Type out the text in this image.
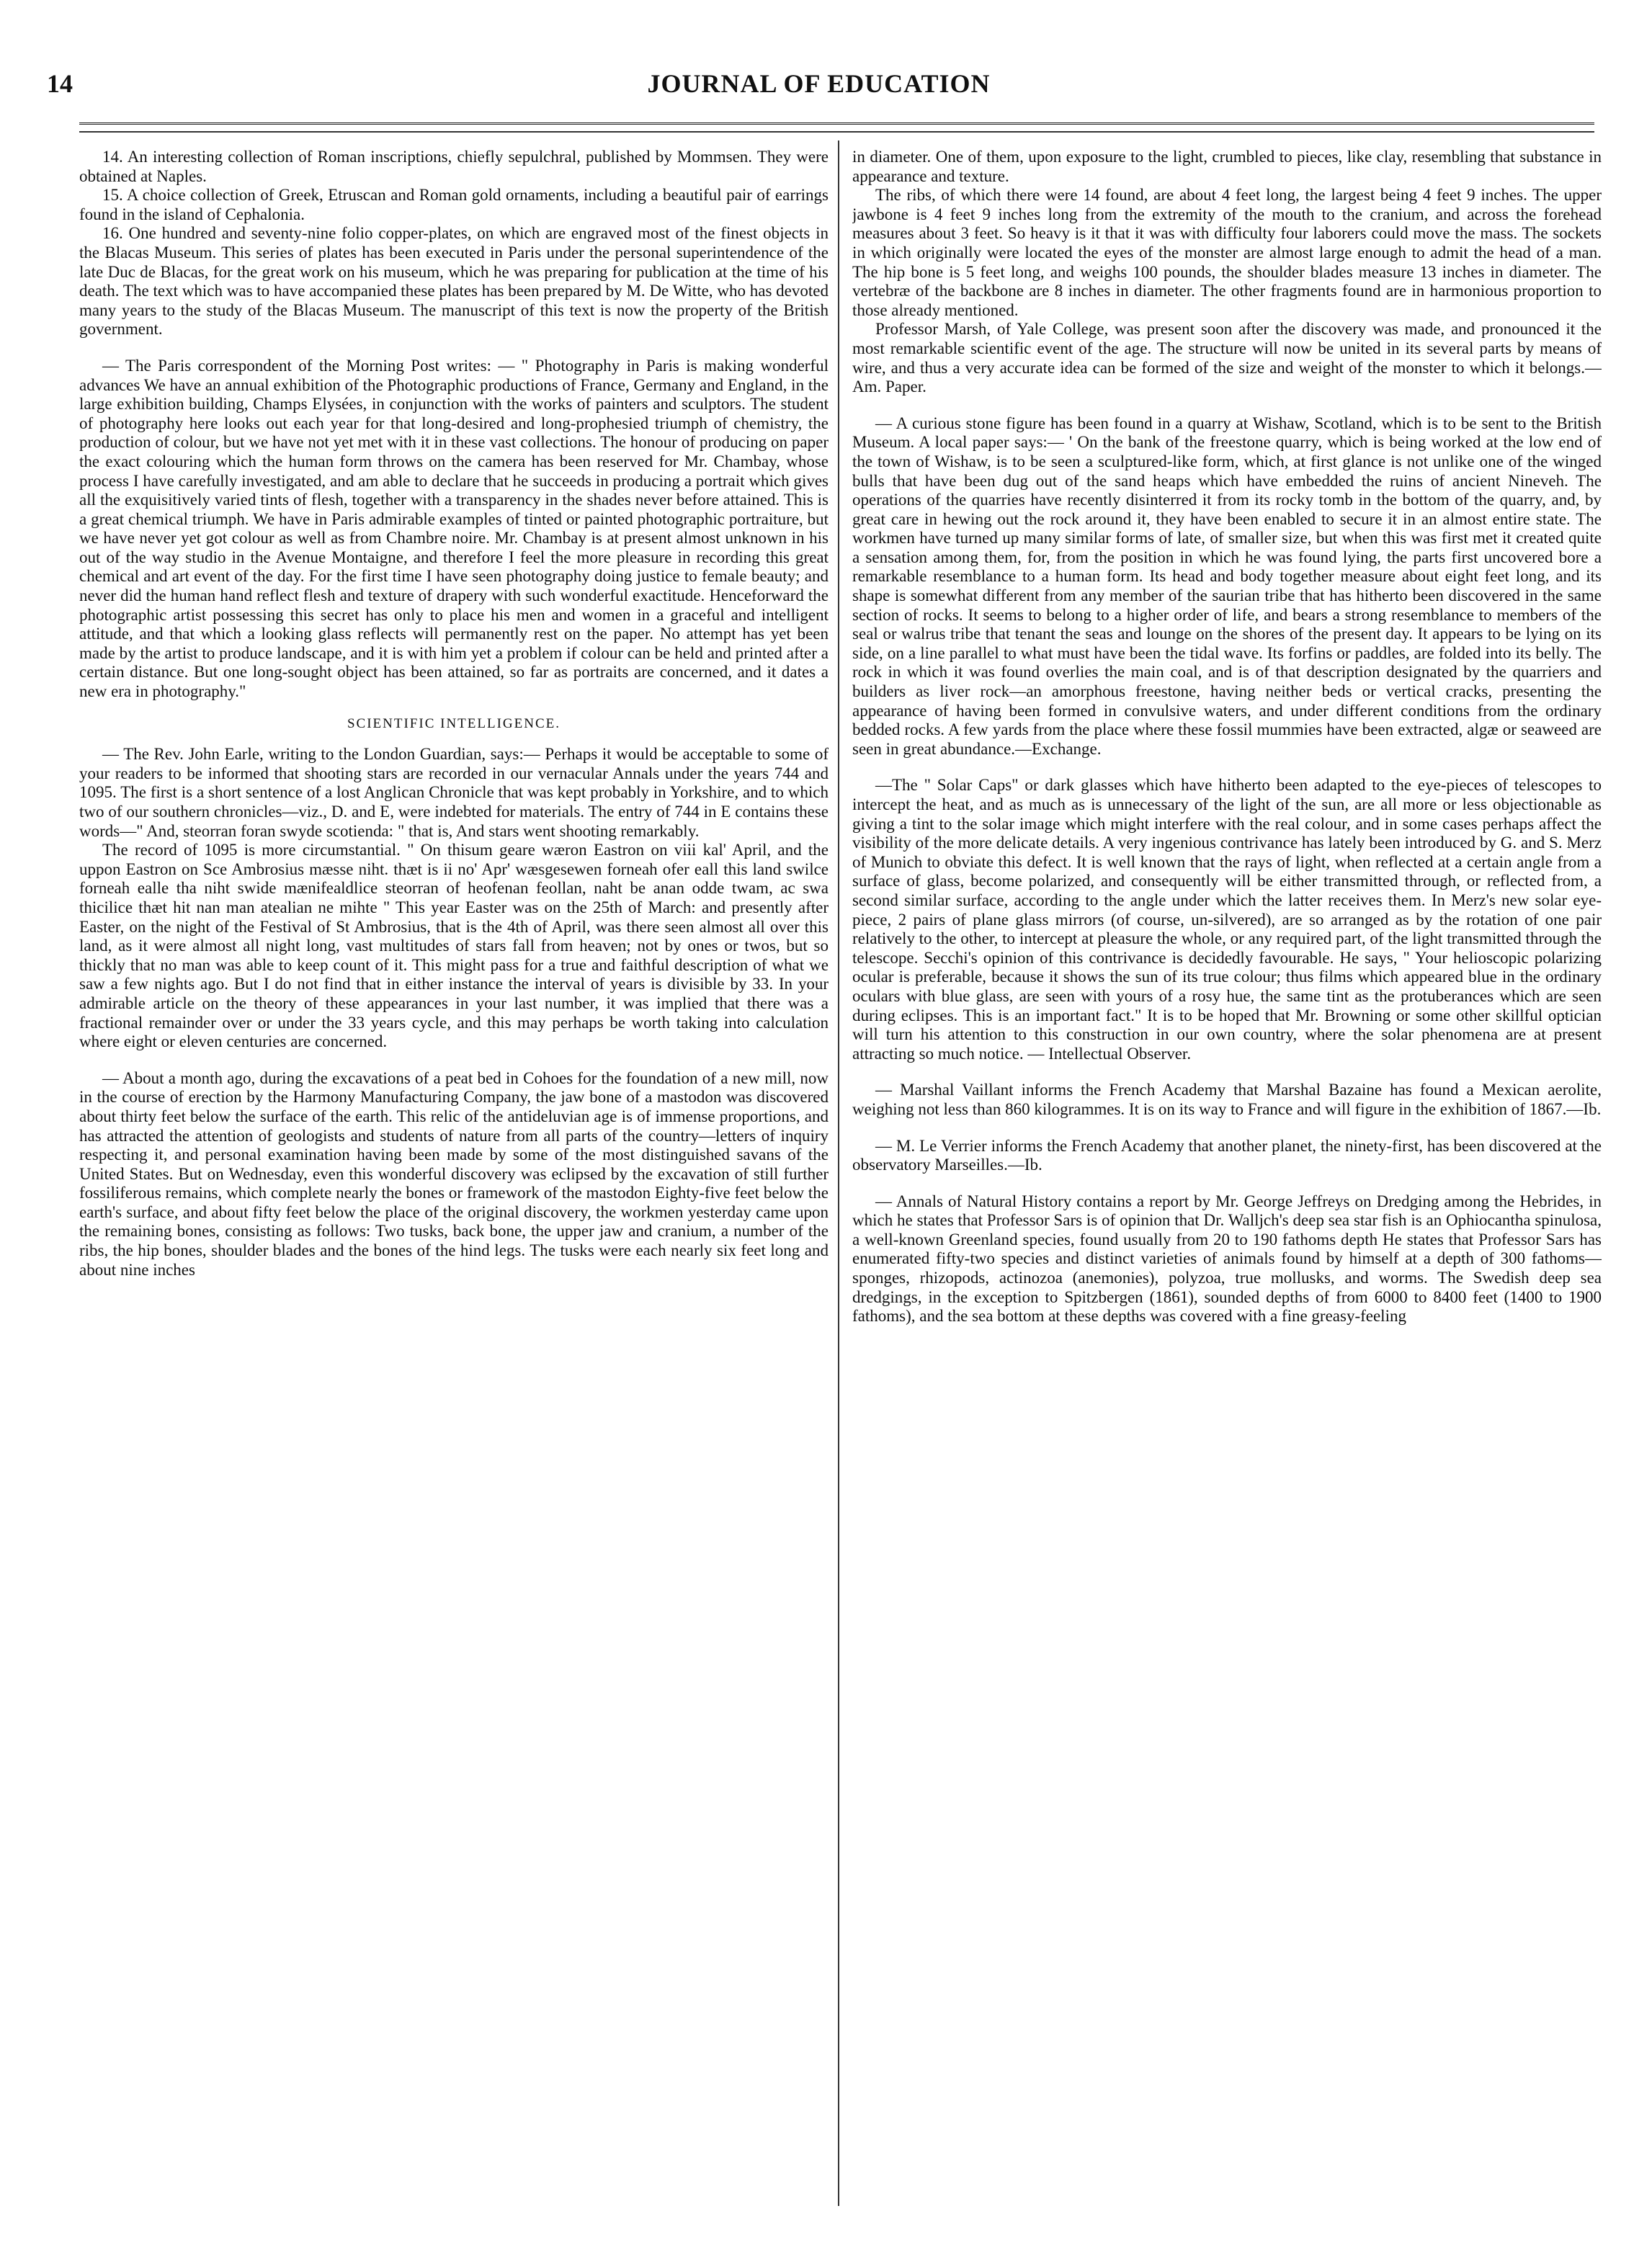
14	JOURNAL OF EDUCATION

14. An interesting collection of Roman inscriptions, chiefly sepulchral, published by Mommsen. They were obtained at Naples.

15. A choice collection of Greek, Etruscan and Roman gold ornaments, including a beautiful pair of earrings found in the island of Cephalonia.

16. One hundred and seventy-nine folio copper-plates, on which are engraved most of the finest objects in the Blacas Museum. This series of plates has been executed in Paris under the personal superintendence of the late Duc de Blacas, for the great work on his museum, which he was preparing for publication at the time of his death. The text which was to have accompanied these plates has been prepared by M. De Witte, who has devoted many years to the study of the Blacas Museum. The manuscript of this text is now the property of the British government.

— The Paris correspondent of the Morning Post writes: — " Photography in Paris is making wonderful advances We have an annual exhibition of the Photographic productions of France, Germany and England, in the large exhibition building, Champs Elysées, in conjunction with the works of painters and sculptors. The student of photography here looks out each year for that long-desired and long-prophesied triumph of chemistry, the production of colour, but we have not yet met with it in these vast collections. The honour of producing on paper the exact colouring which the human form throws on the camera has been reserved for Mr. Chambay, whose process I have carefully investigated, and am able to declare that he succeeds in producing a portrait which gives all the exquisitively varied tints of flesh, together with a transparency in the shades never before attained. This is a great chemical triumph. We have in Paris admirable examples of tinted or painted photographic portraiture, but we have never yet got colour as well as from Chambre noire. Mr. Chambay is at present almost unknown in his out of the way studio in the Avenue Montaigne, and therefore I feel the more pleasure in recording this great chemical and art event of the day. For the first time I have seen photography doing justice to female beauty; and never did the human hand reflect flesh and texture of drapery with such wonderful exactitude. Henceforward the photographic artist possessing this secret has only to place his men and women in a graceful and intelligent attitude, and that which a looking glass reflects will permanently rest on the paper. No attempt has yet been made by the artist to produce landscape, and it is with him yet a problem if colour can be held and printed after a certain distance. But one long-sought object has been attained, so far as portraits are concerned, and it dates a new era in photography."

SCIENTIFIC INTELLIGENCE.

— The Rev. John Earle, writing to the London Guardian, says:— Perhaps it would be acceptable to some of your readers to be informed that shooting stars are recorded in our vernacular Annals under the years 744 and 1095. The first is a short sentence of a lost Anglican Chronicle that was kept probably in Yorkshire, and to which two of our southern chronicles—viz., D. and E, were indebted for materials. The entry of 744 in E contains these words—" And, steorran foran swyde scotienda: " that is, And stars went shooting remarkably.

The record of 1095 is more circumstantial. " On thisum geare wæron Eastron on viii kal' April, and the uppon Eastron on Sce Ambrosius mæsse niht. thæt is ii no' Apr' wæsgesewen forneah ofer eall this land swilce forneah ealle tha niht swide mænifealdlice steorran of heofenan feollan, naht be anan odde twam, ac swa thicilice thæt hit nan man atealian ne mihte " This year Easter was on the 25th of March: and presently after Easter, on the night of the Festival of St Ambrosius, that is the 4th of April, was there seen almost all over this land, as it were almost all night long, vast multitudes of stars fall from heaven; not by ones or twos, but so thickly that no man was able to keep count of it. This might pass for a true and faithful description of what we saw a few nights ago. But I do not find that in either instance the interval of years is divisible by 33. In your admirable article on the theory of these appearances in your last number, it was implied that there was a fractional remainder over or under the 33 years cycle, and this may perhaps be worth taking into calculation where eight or eleven centuries are concerned.

— About a month ago, during the excavations of a peat bed in Cohoes for the foundation of a new mill, now in the course of erection by the Harmony Manufacturing Company, the jaw bone of a mastodon was discovered about thirty feet below the surface of the earth. This relic of the antideluvian age is of immense proportions, and has attracted the attention of geologists and students of nature from all parts of the country—letters of inquiry respecting it, and personal examination having been made by some of the most distinguished savans of the United States. But on Wednesday, even this wonderful discovery was eclipsed by the excavation of still further fossiliferous remains, which complete nearly the bones or framework of the mastodon Eighty-five feet below the earth's surface, and about fifty feet below the place of the original discovery, the workmen yesterday came upon the remaining bones, consisting as follows: Two tusks, back bone, the upper jaw and cranium, a number of the ribs, the hip bones, shoulder blades and the bones of the hind legs. The tusks were each nearly six feet long and about nine inches

in diameter. One of them, upon exposure to the light, crumbled to pieces, like clay, resembling that substance in appearance and texture.

The ribs, of which there were 14 found, are about 4 feet long, the largest being 4 feet 9 inches. The upper jawbone is 4 feet 9 inches long from the extremity of the mouth to the cranium, and across the forehead measures about 3 feet. So heavy is it that it was with difficulty four laborers could move the mass. The sockets in which originally were located the eyes of the monster are almost large enough to admit the head of a man. The hip bone is 5 feet long, and weighs 100 pounds, the shoulder blades measure 13 inches in diameter. The vertebræ of the backbone are 8 inches in diameter. The other fragments found are in harmonious proportion to those already mentioned.

Professor Marsh, of Yale College, was present soon after the discovery was made, and pronounced it the most remarkable scientific event of the age. The structure will now be united in its several parts by means of wire, and thus a very accurate idea can be formed of the size and weight of the monster to which it belongs.—Am. Paper.

— A curious stone figure has been found in a quarry at Wishaw, Scotland, which is to be sent to the British Museum. A local paper says:— ' On the bank of the freestone quarry, which is being worked at the low end of the town of Wishaw, is to be seen a sculptured-like form, which, at first glance is not unlike one of the winged bulls that have been dug out of the sand heaps which have embedded the ruins of ancient Nineveh. The operations of the quarries have recently disinterred it from its rocky tomb in the bottom of the quarry, and, by great care in hewing out the rock around it, they have been enabled to secure it in an almost entire state. The workmen have turned up many similar forms of late, of smaller size, but when this was first met it created quite a sensation among them, for, from the position in which he was found lying, the parts first uncovered bore a remarkable resemblance to a human form. Its head and body together measure about eight feet long, and its shape is somewhat different from any member of the saurian tribe that has hitherto been discovered in the same section of rocks. It seems to belong to a higher order of life, and bears a strong resemblance to members of the seal or walrus tribe that tenant the seas and lounge on the shores of the present day. It appears to be lying on its side, on a line parallel to what must have been the tidal wave. Its forfins or paddles, are folded into its belly. The rock in which it was found overlies the main coal, and is of that description designated by the quarriers and builders as liver rock—an amorphous freestone, having neither beds or vertical cracks, presenting the appearance of having been formed in convulsive waters, and under different conditions from the ordinary bedded rocks. A few yards from the place where these fossil mummies have been extracted, algæ or seaweed are seen in great abundance.—Exchange.

—The " Solar Caps" or dark glasses which have hitherto been adapted to the eye-pieces of telescopes to intercept the heat, and as much as is unnecessary of the light of the sun, are all more or less objectionable as giving a tint to the solar image which might interfere with the real colour, and in some cases perhaps affect the visibility of the more delicate details. A very ingenious contrivance has lately been introduced by G. and S. Merz of Munich to obviate this defect. It is well known that the rays of light, when reflected at a certain angle from a surface of glass, become polarized, and consequently will be either transmitted through, or reflected from, a second similar surface, according to the angle under which the latter receives them. In Merz's new solar eye-piece, 2 pairs of plane glass mirrors (of course, un-silvered), are so arranged as by the rotation of one pair relatively to the other, to intercept at pleasure the whole, or any required part, of the light transmitted through the telescope. Secchi's opinion of this contrivance is decidedly favourable. He says, " Your helioscopic polarizing ocular is preferable, because it shows the sun of its true colour; thus films which appeared blue in the ordinary oculars with blue glass, are seen with yours of a rosy hue, the same tint as the protuberances which are seen during eclipses. This is an important fact." It is to be hoped that Mr. Browning or some other skillful optician will turn his attention to this construction in our own country, where the solar phenomena are at present attracting so much notice. — Intellectual Observer.

— Marshal Vaillant informs the French Academy that Marshal Bazaine has found a Mexican aerolite, weighing not less than 860 kilogrammes. It is on its way to France and will figure in the exhibition of 1867.—Ib.

— M. Le Verrier informs the French Academy that another planet, the ninety-first, has been discovered at the observatory Marseilles.—Ib.

— Annals of Natural History contains a report by Mr. George Jeffreys on Dredging among the Hebrides, in which he states that Professor Sars is of opinion that Dr. Walljch's deep sea star fish is an Ophiocantha spinulosa, a well-known Greenland species, found usually from 20 to 190 fathoms depth He states that Professor Sars has enumerated fifty-two species and distinct varieties of animals found by himself at a depth of 300 fathoms—sponges, rhizopods, actinozoa (anemonies), polyzoa, true mollusks, and worms. The Swedish deep sea dredgings, in the exception to Spitzbergen (1861), sounded depths of from 6000 to 8400 feet (1400 to 1900 fathoms), and the sea bottom at these depths was covered with a fine greasy-feeling
